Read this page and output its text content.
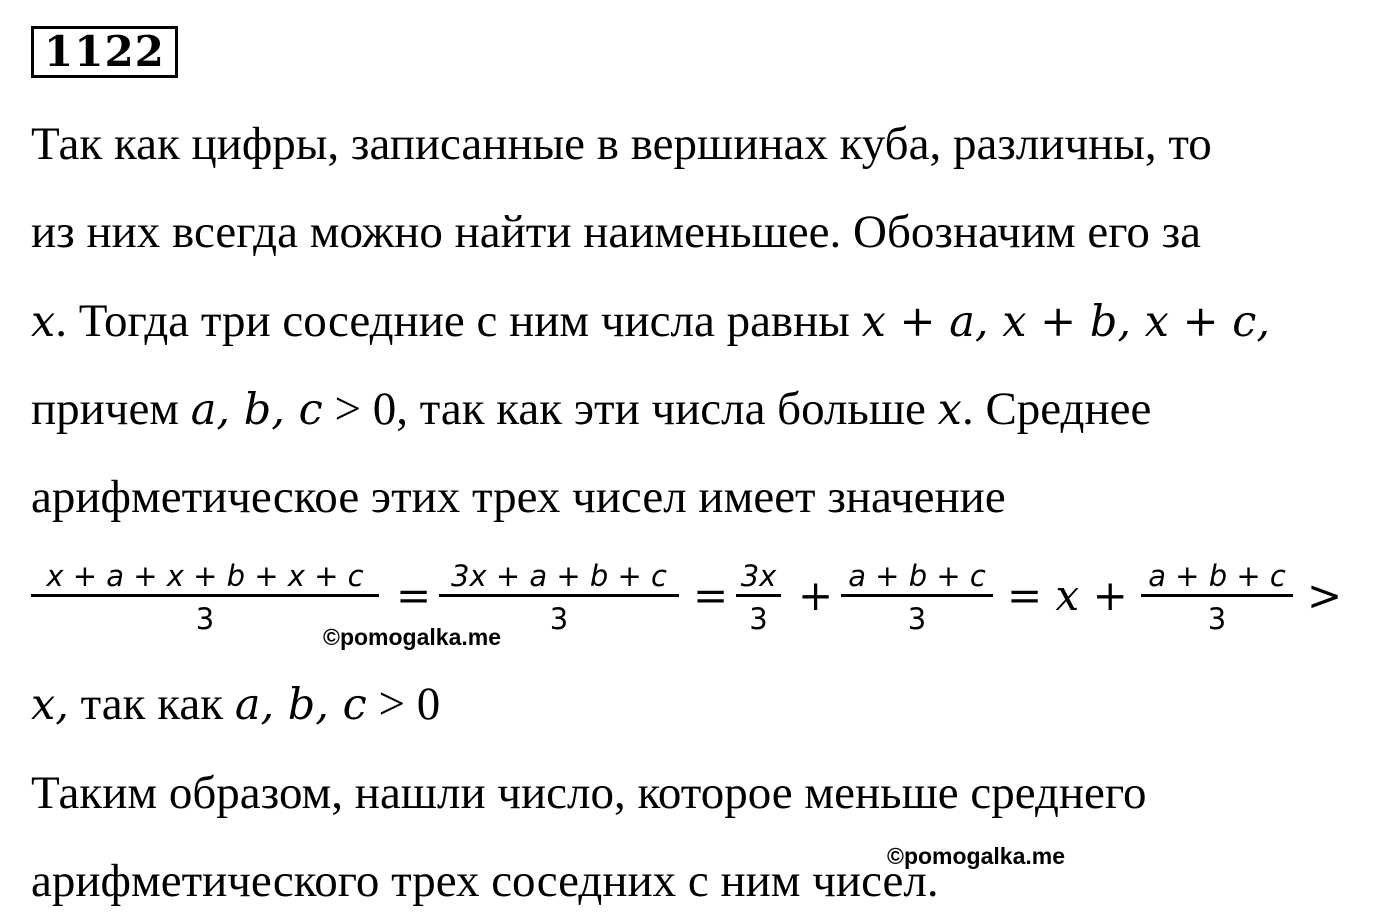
1122
Так как цифры, записанные в вершинах куба, различны, то
из них всегда можно найти наименьшее. Обозначим его за
x. Тогда три соседние с ним числа равны x + a, x + b, x + c,
причем a, b, c > 0, так как эти числа больше x. Среднее
арифметическое этих трех чисел имеет значение
x + a + x + b + x + c
3	= 3x + a + b + c
3	= 3x
3 + a + b + c
3	= x + a + b + c
3	>
x, так как a, b, c > 0
Таким образом, нашли число, которое меньше среднего
арифметического трех соседних с ним чисел.
©pomogalka.me
©pomogalka.me
